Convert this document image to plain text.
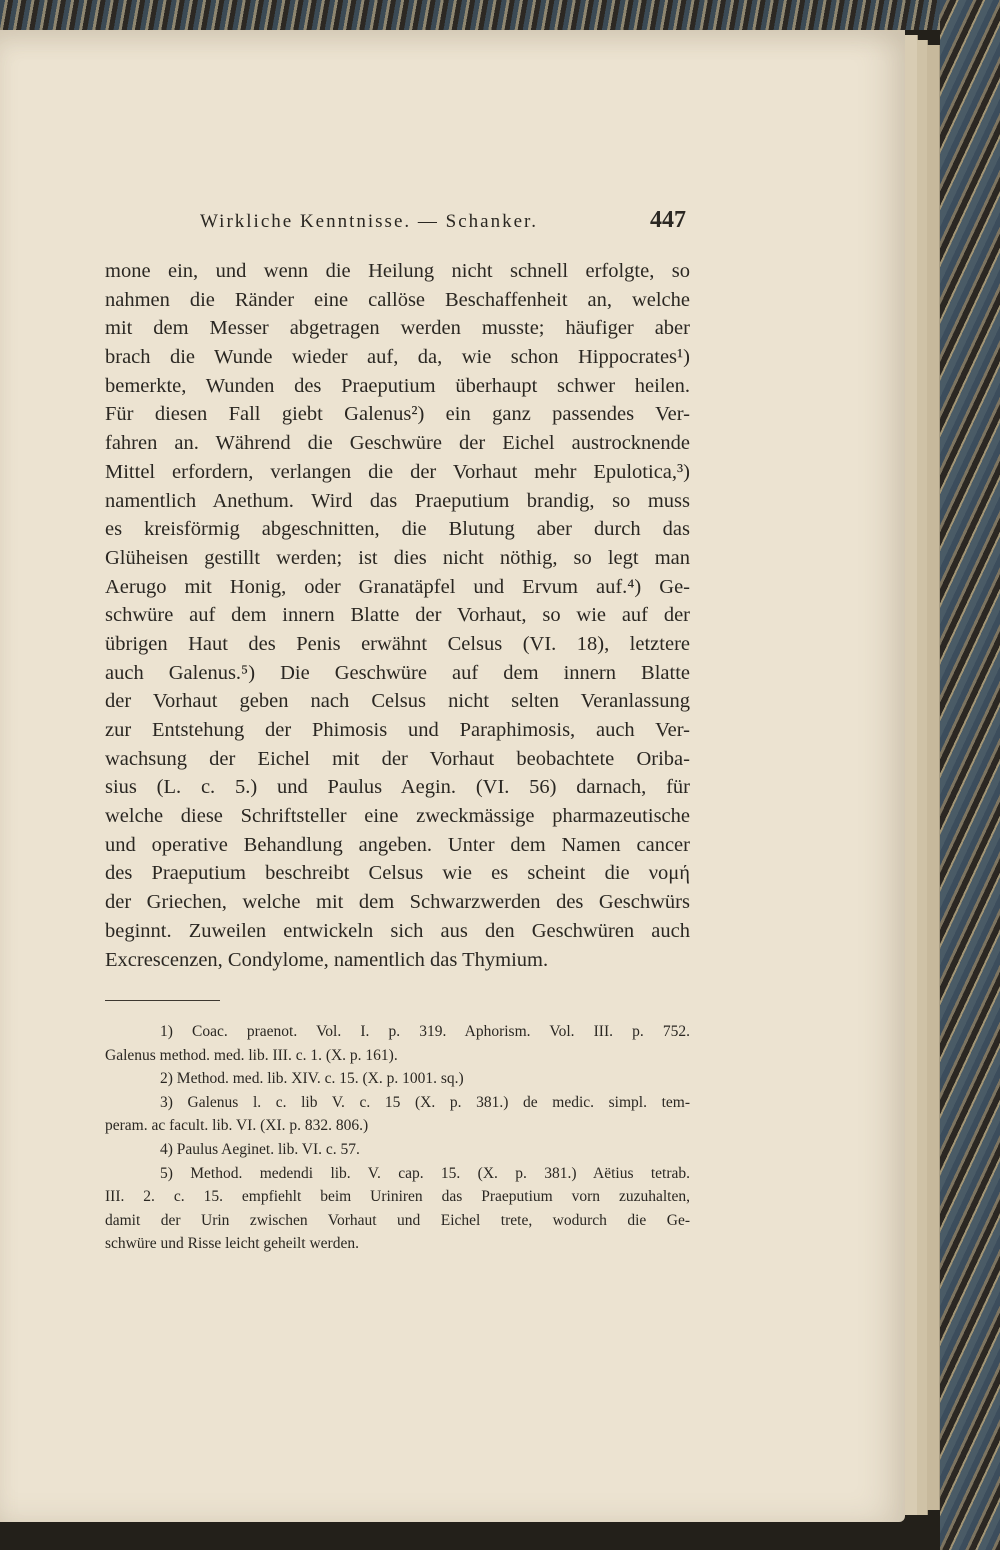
Wirkliche Kenntnisse. — Schanker.	447
mone ein, und wenn die Heilung nicht schnell erfolgte, so
nahmen die Ränder eine callöse Beschaffenheit an, welche
mit dem Messer abgetragen werden musste; häufiger aber
brach die Wunde wieder auf, da, wie schon Hippocrates¹)
bemerkte, Wunden des Praeputium überhaupt schwer heilen.
Für diesen Fall giebt Galenus²) ein ganz passendes Ver-
fahren an. Während die Geschwüre der Eichel austrocknende
Mittel erfordern, verlangen die der Vorhaut mehr Epulotica,³)
namentlich Anethum. Wird das Praeputium brandig, so muss
es kreisförmig abgeschnitten, die Blutung aber durch das
Glüheisen gestillt werden; ist dies nicht nöthig, so legt man
Aerugo mit Honig, oder Granatäpfel und Ervum auf.⁴) Ge-
schwüre auf dem innern Blatte der Vorhaut, so wie auf der
übrigen Haut des Penis erwähnt Celsus (VI. 18), letztere
auch Galenus.⁵) Die Geschwüre auf dem innern Blatte
der Vorhaut geben nach Celsus nicht selten Veranlassung
zur Entstehung der Phimosis und Paraphimosis, auch Ver-
wachsung der Eichel mit der Vorhaut beobachtete Oriba-
sius (L. c. 5.) und Paulus Aegin. (VI. 56) darnach, für
welche diese Schriftsteller eine zweckmässige pharmazeutische
und operative Behandlung angeben. Unter dem Namen cancer
des Praeputium beschreibt Celsus wie es scheint die νομή
der Griechen, welche mit dem Schwarzwerden des Geschwürs
beginnt. Zuweilen entwickeln sich aus den Geschwüren auch
Excrescenzen, Condylome, namentlich das Thymium.
1) Coac. praenot. Vol. I. p. 319. Aphorism. Vol. III. p. 752.
Galenus method. med. lib. III. c. 1. (X. p. 161).
2) Method. med. lib. XIV. c. 15. (X. p. 1001. sq.)
3) Galenus l. c. lib V. c. 15 (X. p. 381.) de medic. simpl. tem-
peram. ac facult. lib. VI. (XI. p. 832. 806.)
4) Paulus Aeginet. lib. VI. c. 57.
5) Method. medendi lib. V. cap. 15. (X. p. 381.) Aëtius tetrab.
III. 2. c. 15. empfiehlt beim Uriniren das Praeputium vorn zuzuhalten,
damit der Urin zwischen Vorhaut und Eichel trete, wodurch die Ge-
schwüre und Risse leicht geheilt werden.
